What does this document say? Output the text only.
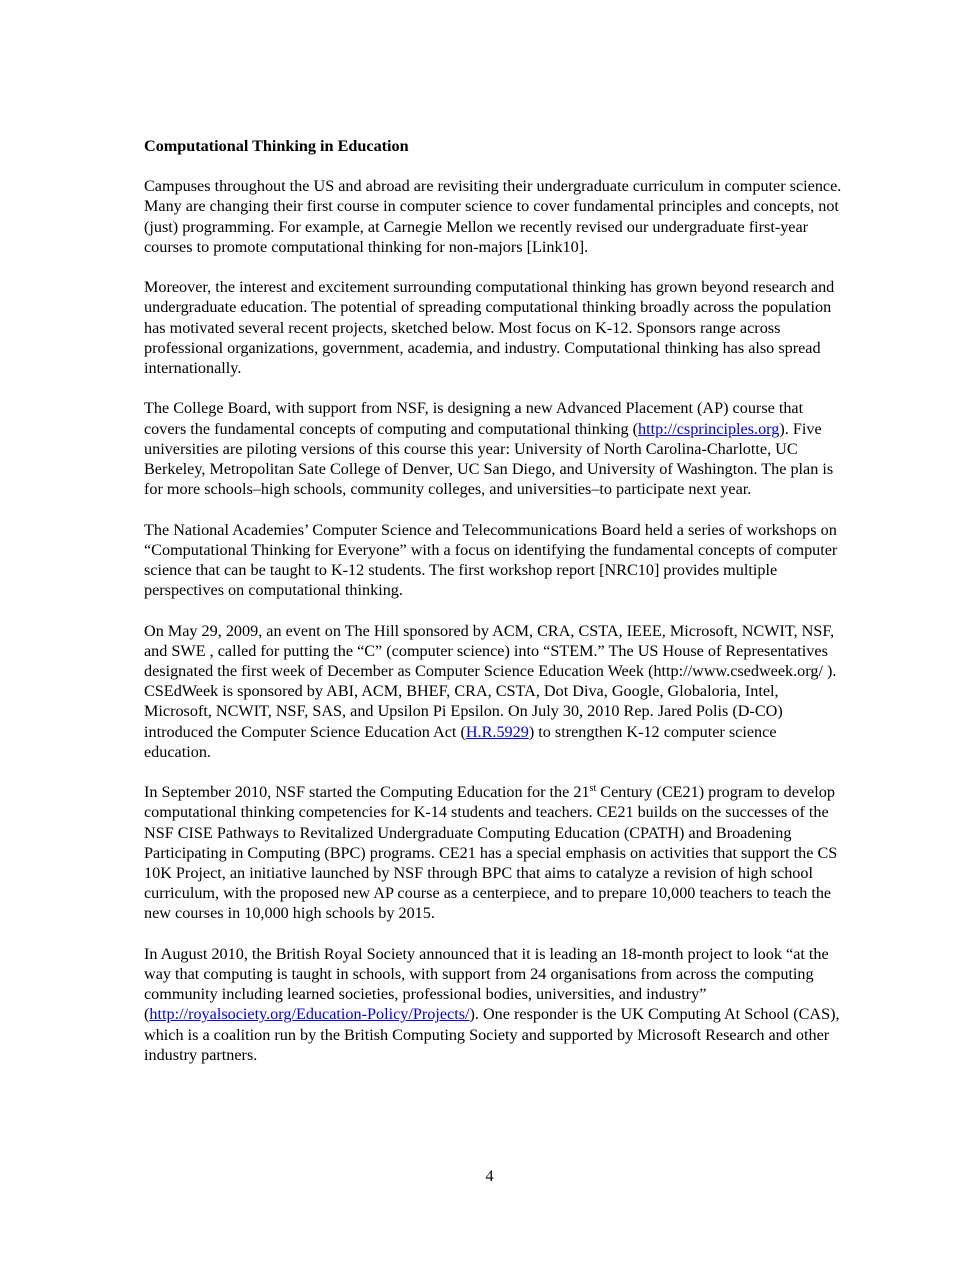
Computational Thinking in Education

Campuses throughout the US and abroad are revisiting their undergraduate curriculum in computer science. Many are changing their first course in computer science to cover fundamental principles and concepts, not (just) programming. For example, at Carnegie Mellon we recently revised our undergraduate first-year courses to promote computational thinking for non-majors [Link10].

Moreover, the interest and excitement surrounding computational thinking has grown beyond research and undergraduate education. The potential of spreading computational thinking broadly across the population has motivated several recent projects, sketched below. Most focus on K-12. Sponsors range across professional organizations, government, academia, and industry. Computational thinking has also spread internationally.

The College Board, with support from NSF, is designing a new Advanced Placement (AP) course that covers the fundamental concepts of computing and computational thinking (http://csprinciples.org). Five universities are piloting versions of this course this year: University of North Carolina-Charlotte, UC Berkeley, Metropolitan Sate College of Denver, UC San Diego, and University of Washington. The plan is for more schools–high schools, community colleges, and universities–to participate next year.

The National Academies’ Computer Science and Telecommunications Board held a series of workshops on “Computational Thinking for Everyone” with a focus on identifying the fundamental concepts of computer science that can be taught to K-12 students. The first workshop report [NRC10] provides multiple perspectives on computational thinking.

On May 29, 2009, an event on The Hill sponsored by ACM, CRA, CSTA, IEEE, Microsoft, NCWIT, NSF, and SWE , called for putting the “C” (computer science) into “STEM.” The US House of Representatives designated the first week of December as Computer Science Education Week (http://www.csedweek.org/ ). CSEdWeek is sponsored by ABI, ACM, BHEF, CRA, CSTA, Dot Diva, Google, Globaloria, Intel, Microsoft, NCWIT, NSF, SAS, and Upsilon Pi Epsilon. On July 30, 2010 Rep. Jared Polis (D-CO) introduced the Computer Science Education Act (H.R.5929) to strengthen K-12 computer science education.

In September 2010, NSF started the Computing Education for the 21st Century (CE21) program to develop computational thinking competencies for K-14 students and teachers. CE21 builds on the successes of the NSF CISE Pathways to Revitalized Undergraduate Computing Education (CPATH) and Broadening Participating in Computing (BPC) programs. CE21 has a special emphasis on activities that support the CS 10K Project, an initiative launched by NSF through BPC that aims to catalyze a revision of high school curriculum, with the proposed new AP course as a centerpiece, and to prepare 10,000 teachers to teach the new courses in 10,000 high schools by 2015.

In August 2010, the British Royal Society announced that it is leading an 18-month project to look “at the way that computing is taught in schools, with support from 24 organisations from across the computing community including learned societies, professional bodies, universities, and industry” (http://royalsociety.org/Education-Policy/Projects/). One responder is the UK Computing At School (CAS), which is a coalition run by the British Computing Society and supported by Microsoft Research and other industry partners.

4
